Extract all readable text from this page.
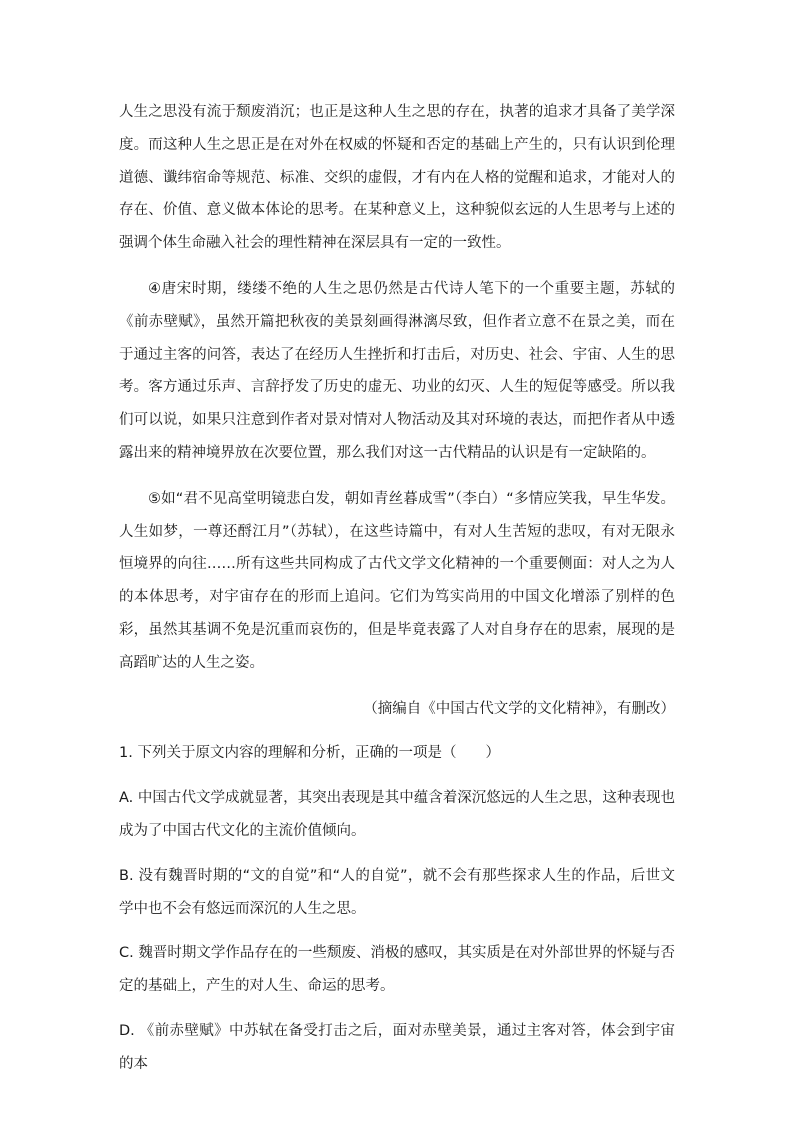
人生之思没有流于颓废消沉；也正是这种人生之思的存在，执著的追求才具备了美学深度。而这种人生之思正是在对外在权威的怀疑和否定的基础上产生的，只有认识到伦理道德、谶纬宿命等规范、标准、交织的虚假，才有内在人格的觉醒和追求，才能对人的存在、价值、意义做本体论的思考。在某种意义上，这种貌似玄远的人生思考与上述的强调个体生命融入社会的理性精神在深层具有一定的一致性。

④唐宋时期，缕缕不绝的人生之思仍然是古代诗人笔下的一个重要主题，苏轼的《前赤壁赋》，虽然开篇把秋夜的美景刻画得淋漓尽致，但作者立意不在景之美，而在于通过主客的问答，表达了在经历人生挫折和打击后，对历史、社会、宇宙、人生的思考。客方通过乐声、言辞抒发了历史的虚无、功业的幻灭、人生的短促等感受。所以我们可以说，如果只注意到作者对景对情对人物活动及其对环境的表达，而把作者从中透露出来的精神境界放在次要位置，那么我们对这一古代精品的认识是有一定缺陷的。

⑤如“君不见高堂明镜悲白发，朝如青丝暮成雪”（李白）“多情应笑我，早生华发。人生如梦，一尊还酹江月”（苏轼），在这些诗篇中，有对人生苦短的悲叹，有对无限永恒境界的向往……所有这些共同构成了古代文学文化精神的一个重要侧面：对人之为人的本体思考，对宇宙存在的形而上追问。它们为笃实尚用的中国文化增添了别样的色彩，虽然其基调不免是沉重而哀伤的，但是毕竟表露了人对自身存在的思索，展现的是高蹈旷达的人生之姿。

（摘编自《中国古代文学的文化精神》，有删改）

1. 下列关于原文内容的理解和分析，正确的一项是（　　）

A. 中国古代文学成就显著，其突出表现是其中蕴含着深沉悠远的人生之思，这种表现也成为了中国古代文化的主流价值倾向。

B. 没有魏晋时期的“文的自觉”和“人的自觉”，就不会有那些探求人生的作品，后世文学中也不会有悠远而深沉的人生之思。

C. 魏晋时期文学作品存在的一些颓废、消极的感叹，其实质是在对外部世界的怀疑与否定的基础上，产生的对人生、命运的思考。

D. 《前赤壁赋》中苏轼在备受打击之后，面对赤壁美景，通过主客对答，体会到宇宙的本
